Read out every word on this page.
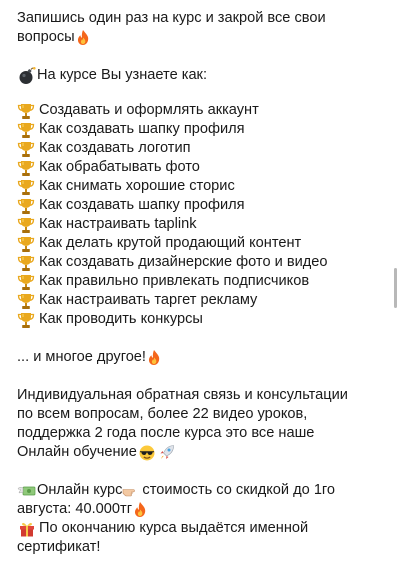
Запишись один раз на курс и закрой все свои
вопросы
На курсе Вы узнаете как:
Создавать и оформлять аккаунт
Как создавать шапку профиля
Как создавать логотип
Как обрабатывать фото
Как снимать хорошие сторис
Как создавать шапку профиля
Как настраивать taplink
Как делать крутой продающий контент
Как создавать дизайнерские фото и видео
Как правильно привлекать подписчиков
Как настраивать таргет рекламу
Как проводить конкурсы
... и многое другое!
Индивидуальная обратная связь и консультации
по всем вопросам, более 22 видео уроков,
поддержка 2 года после курса это все наше
Онлайн обучение
Онлайн курс стоимость со скидкой до 1го
августа: 40.000тг
По окончанию курса выдаётся именной
сертификат!
